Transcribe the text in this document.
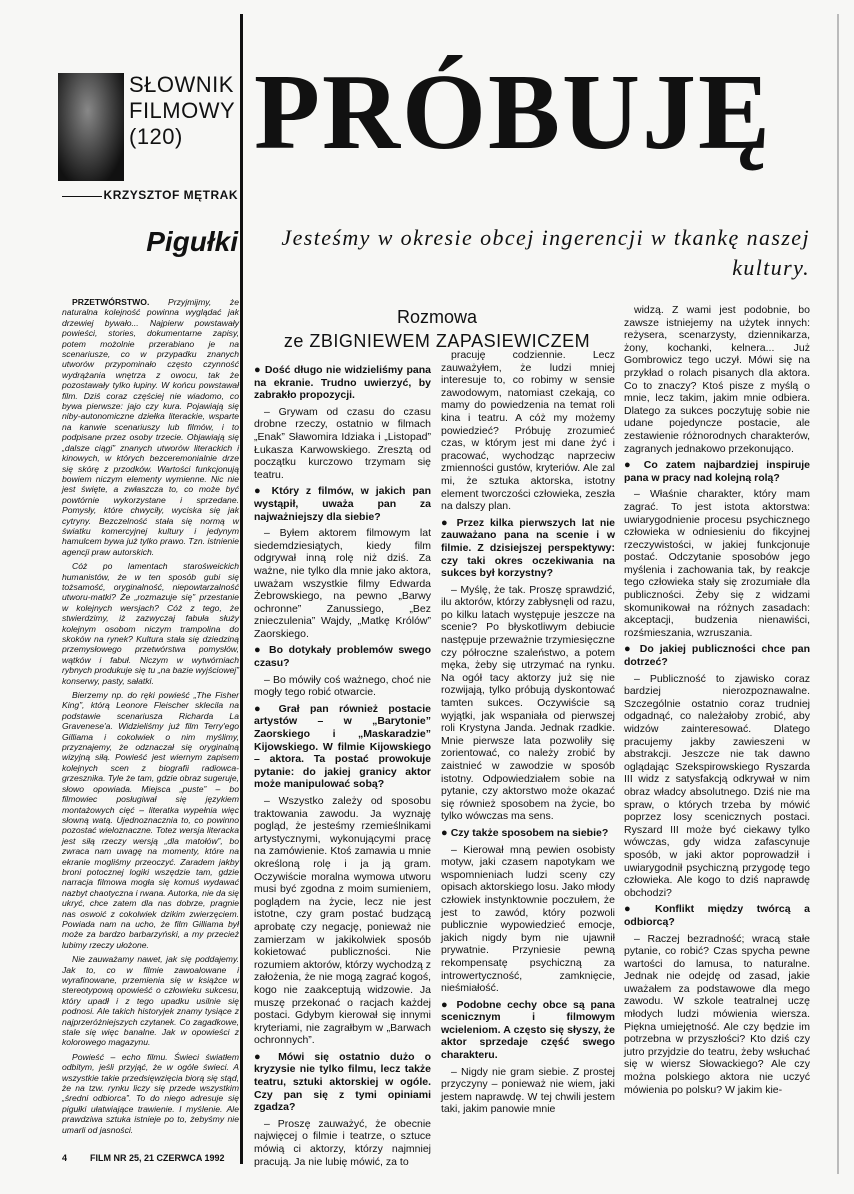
SŁOWNIK FILMOWY
(120)
KRZYSZTOF MĘTRAK
Pigułki
PRÓBUJĘ
Jesteśmy w okresie obcej ingerencji w tkankę naszej kultury.
Rozmowa
ze ZBIGNIEWEM ZAPASIEWICZEM

PRZETWÓRSTWO. Przyjmijmy, że naturalna kolejność powinna wyglądać jak drzewiej bywało... Najpierw powstawały powieści, stories, dokumentarne zapisy, potem możolnie przerabiano je na scenariusze, co w przypadku znanych utworów przypominało często czynność wydrążania wnętrza z owocu, tak że pozostawały tylko łupiny. W końcu powstawał film. Dziś coraz częściej nie wiadomo, co bywa pierwsze: jajo czy kura. Pojawiają się niby-autonomiczne dziełka literackie, wsparte na kanwie scenariuszy lub filmów, i to podpisane przez osoby trzecie. Objawiają się „dalsze ciągi” znanych utworów literackich i kinowych, w których bezceremonialnie drze się skórę z przodków. Wartości funkcjonują bowiem niczym elementy wymienne. Nic nie jest święte, a zwłaszcza to, co może być powtórnie wykorzystane i sprzedane. Pomysły, które chwyciły, wyciska się jak cytryny. Bezczelność stała się normą w światku komercyjnej kultury i jedynym hamulcem bywa już tylko prawo. Tzn. istnienie agencji praw autorskich.

Cóż po lamentach starośweickich humanistów, że w ten sposób gubi się tożsamość, oryginalność, niepowtarzalność utworu-matki? Że „rozmazuje się” przestanie w kolejnych wersjach? Cóż z tego, że stwierdzimy, iż zazwyczaj fabuła służy kolejnym osobom niczym trampolina do skoków na rynek? Kultura stała się dziedziną przemysłowego przetwórstwa pomysłów, wątków i fabuł. Niczym w wytwórniach rybnych produkuje się tu „na bazie wyjściowej” konserwy, pasty, sałatki.

Bierzemy np. do ręki powieść „The Fisher King”, którą Leonore Fleischer sklecila na podstawie scenariusza Richarda La Gravenese'a. Widzieliśmy już film Terry'ego Gilliama i cokolwiek o nim myślimy, przyznajemy, że odznaczał się oryginalną wizyjną siłą. Powieść jest wiernym zapisem kolejnych scen z biografii radiowca-grzesznika. Tyle że tam, gdzie obraz sugeruje, słowo opowiada. Miejsca „puste” – bo filmowiec posługiwał się językiem montażowych cięć – literatka wypełnia więc słowną watą. Ujednoznacznia to, co powinno pozostać wieloznaczne. Totez wersja literacka jest siłą rzeczy wersją „dla matołów”, bo zwraca nam uwagę na momenty, które na ekranie mogliśmy przeoczyć. Zaradem jakby broni potocznej logiki wszędzie tam, gdzie narracja filmowa mogła się komuś wydawać nazbyt chaotyczna i rwana. Autorka, nie da się ukryć, chce zatem dla nas dobrze, pragnie nas oswoić z cokolwiek dzikim zwierzęciem. Powiada nam na ucho, że film Gilliama był może za bardzo barbarzyński, a my przecież lubimy rzeczy ułożone.

Nie zauważamy nawet, jak się poddajemy. Jak to, co w filmie zawoalowane i wyrafinowane, przemienia się w książce w stereotypową opowieść o człowieku sukcesu, który upadł i z tego upadku usilnie się podnosi. Ale takich historyjek znamy tysiące z najprzeróżniejszych czytanek. Co zagadkowe, stale się więc banalne. Jak w opowieści z kolorowego magazynu.

Powieść – echo filmu. Świeci światłem odbitym, jeśli przyjąć, że w ogóle świeci. A wszystkie takie przedsięwzięcia biorą się stąd, że na tzw. rynku liczy się przede wszystkim „średni odbiorca”. To do niego adresuje się pigułki ułatwiające trawienie. I myślenie. Ale prawdziwa sztuka istnieje po to, żebyśmy nie umarli od jasności.

● Dość długo nie widzieliśmy pana na ekranie. Trudno uwierzyć, by zabrakło propozycji.

– Grywam od czasu do czasu drobne rzeczy, ostatnio w filmach „Enak” Sławomira Idziaka i „Listopad” Łukasza Karwowskiego. Zresztą od początku kurczowo trzymam się teatru.

● Który z filmów, w jakich pan wystąpił, uważa pan za najważniejszy dla siebie?

– Byłem aktorem filmowym lat siedemdziesiątych, kiedy film odgrywał inną rolę niż dziś. Za ważne, nie tylko dla mnie jako aktora, uważam wszystkie filmy Edwarda Żebrowskiego, na pewno „Barwy ochronne” Zanussiego, „Bez znieczulenia” Wajdy, „Matkę Królów” Zaorskiego.

● Bo dotykały problemów swego czasu?

– Bo mówiły coś ważnego, choć nie mogły tego robić otwarcie.

● Grał pan również postacie artystów – w „Barytonie” Zaorskiego i „Maskaradzie” Kijowskiego. W filmie Kijowskiego – aktora. Ta postać prowokuje pytanie: do jakiej granicy aktor może manipulować sobą?

– Wszystko zależy od sposobu traktowania zawodu. Ja wyznaję pogląd, że jesteśmy rzemieślnikami artystycznymi, wykonującymi pracę na zamówienie. Ktoś zamawia u mnie określoną rolę i ja ją gram. Oczywiście moralna wymowa utworu musi być zgodna z moim sumieniem, poglądem na życie, lecz nie jest istotne, czy gram postać budzącą aprobatę czy negację, ponieważ nie zamierzam w jakikolwiek sposób kokietować publiczności. Nie rozumiem aktorów, którzy wychodzą z założenia, że nie mogą zagrać kogoś, kogo nie zaakceptują widzowie. Ja muszę przekonać o racjach każdej postaci. Gdybym kierował się innymi kryteriami, nie zagrałbym w „Barwach ochronnych”.

● Mówi się ostatnio dużo o kryzysie nie tylko filmu, lecz także teatru, sztuki aktorskiej w ogóle. Czy pan się z tymi opiniami zgadza?

– Proszę zauważyć, że obecnie najwięcej o filmie i teatrze, o sztuce mówią ci aktorzy, którzy najmniej pracują. Ja nie lubię mówić, za to

pracuję codziennie. Lecz zauważyłem, że ludzi mniej interesuje to, co robimy w sensie zawodowym, natomiast czekają, co mamy do powiedzenia na temat roli kina i teatru. A cóż my możemy powiedzieć? Próbuję zrozumieć czas, w którym jest mi dane żyć i pracować, wychodząc naprzeciw zmienności gustów, kryteriów. Ale zal mi, że sztuka aktorska, istotny element tworczości człowieka, zeszła na dalszy plan.

● Przez kilka pierwszych lat nie zauważano pana na scenie i w filmie. Z dzisiejszej perspektywy: czy taki okres oczekiwania na sukces był korzystny?

– Myślę, że tak. Proszę sprawdzić, ilu aktorów, którzy zabłysnęli od razu, po kilku latach występuje jeszcze na scenie? Po błyskotliwym debiucie następuje przeważnie trzymiesięczne czy półroczne szaleństwo, a potem męka, żeby się utrzymać na rynku. Na ogół tacy aktorzy już się nie rozwijają, tylko próbują dyskontować tamten sukces. Oczywiście są wyjątki, jak wspaniała od pierwszej roli Krystyna Janda. Jednak rzadkie. Mnie pierwsze lata pozwoliły się zorientować, co należy zrobić by zaistnieć w zawodzie w sposób istotny. Odpowiedziałem sobie na pytanie, czy aktorstwo może okazać się również sposobem na życie, bo tylko wówczas ma sens.

● Czy także sposobem na siebie?

– Kierował mną pewien osobisty motyw, jaki czasem napotykam we wspomnieniach ludzi sceny czy opisach aktorskiego losu. Jako młody człowiek instynktownie poczułem, że jest to zawód, który pozwoli publicznie wypowiedzieć emocje, jakich nigdy bym nie ujawnił prywatnie. Przyniesie pewną rekompensatę psychiczną za introwertyczność, zamknięcie, nieśmiałość.

● Podobne cechy obce są pana scenicznym i filmowym wcieleniom. A często się słyszy, że aktor sprzedaje część swego charakteru.

– Nigdy nie gram siebie. Z prostej przyczyny – ponieważ nie wiem, jaki jestem naprawdę. W tej chwili jestem taki, jakim panowie mnie

widzą. Z wami jest podobnie, bo zawsze istniejemy na użytek innych: reżysera, scenarzysty, dziennikarza, żony, kochanki, kelnera... Już Gombrowicz tego uczył. Mówi się na przykład o rolach pisanych dla aktora. Co to znaczy? Ktoś pisze z myślą o mnie, lecz takim, jakim mnie odbiera. Dlatego za sukces poczytuję sobie nie udane pojedyncze postacie, ale zestawienie różnorodnych charakterów, zagranych jednakowo przekonująco.

● Co zatem najbardziej inspiruje pana w pracy nad kolejną rolą?

– Właśnie charakter, który mam zagrać. To jest istota aktorstwa: uwiarygodnienie procesu psychicznego człowieka w odniesieniu do fikcyjnej rzeczywistości, w jakiej funkcjonuje postać. Odczytanie sposobów jego myślenia i zachowania tak, by reakcje tego człowieka stały się zrozumiałe dla publiczności. Żeby się z widzami skomunikował na różnych zasadach: akceptacji, budzenia nienawiści, rozśmieszania, wzruszania.

● Do jakiej publiczności chce pan dotrzeć?

– Publiczność to zjawisko coraz bardziej nierozpoznawalne. Szczególnie ostatnio coraz trudniej odgadnąć, co należałoby zrobić, aby widzów zainteresować. Dlatego pracujemy jakby zawieszeni w abstrakcji. Jeszcze nie tak dawno oglądając Szekspirowskiego Ryszarda III widz z satysfakcją odkrywał w nim obraz władcy absolutnego. Dziś nie ma spraw, o których trzeba by mówić poprzez losy scenicznych postaci. Ryszard III może być ciekawy tylko wówczas, gdy widza zafascynuje sposób, w jaki aktor poprowadził i uwiarygodnił psychiczną przygodę tego człowieka. Ale kogo to dziś naprawdę obchodzi?

● Konflikt między twórcą a odbiorcą?

– Raczej bezradność; wracą stałe pytanie, co robić? Czas spycha pewne wartości do lamusa, to naturalne. Jednak nie odejdę od zasad, jakie uważałem za podstawowe dla mego zawodu. W szkole teatralnej uczę młodych ludzi mówienia wiersza. Piękna umiejętność. Ale czy będzie im potrzebna w przyszłości? Kto dziś czy jutro przyjdzie do teatru, żeby wsłuchać się w wiersz Słowackiego? Ale czy można polskiego aktora nie uczyć mówienia po polsku? W jakim kie-

4	FILM NR 25, 21 CZERWCA 1992
